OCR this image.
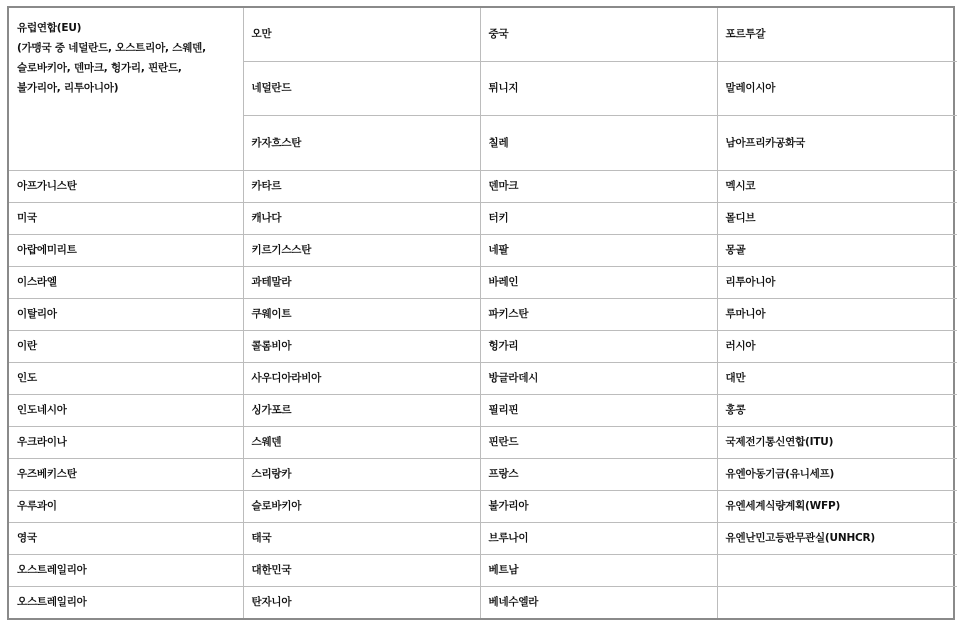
유럽연합(EU)
(가맹국 중 네덜란드, 오스트리아, 스웨덴,
슬로바키아, 덴마크, 헝가리, 핀란드,
불가리아, 리투아니아)	오만	중국	포르투갈
	네덜란드	튀니지	말레이시아
	카자흐스탄	칠레	남아프리카공화국
아프가니스탄	카타르	덴마크	멕시코
미국	캐나다	터키	몰디브
아랍에미리트	키르기스스탄	네팔	몽골
이스라엘	과테말라	바레인	리투아니아
이탈리아	쿠웨이트	파키스탄	루마니아
이란	콜롬비아	헝가리	러시아
인도	사우디아라비아	방글라데시	대만
인도네시아	싱가포르	필리핀	홍콩
우크라이나	스웨덴	핀란드	국제전기통신연합(ITU)
우즈베키스탄	스리랑카	프랑스	유엔아동기금(유니세프)
우루과이	슬로바키아	불가리아	유엔세계식량계획(WFP)
영국	태국	브루나이	유엔난민고등판무관실(UNHCR)
오스트레일리아	대한민국	베트남	
오스트레일리아	탄자니아	베네수엘라	
